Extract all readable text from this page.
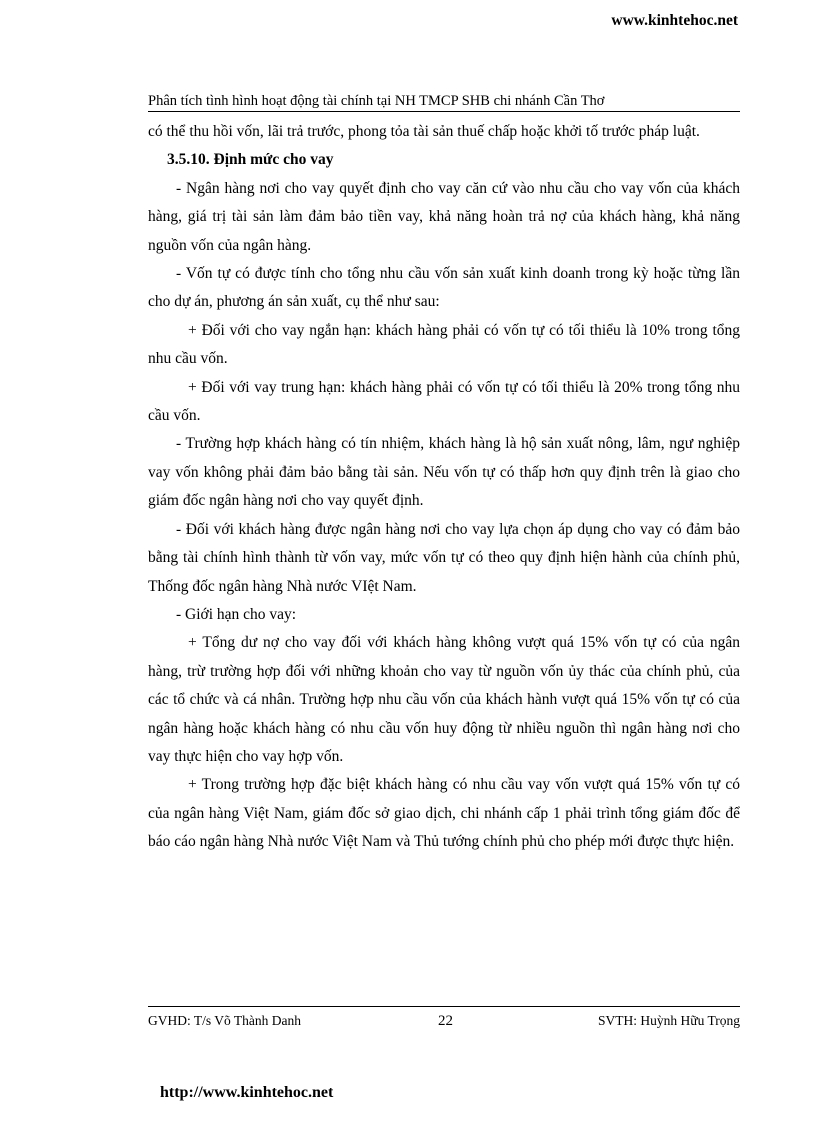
www.kinhtehoc.net
Phân tích tình hình hoạt động tài chính tại NH TMCP SHB chi nhánh Cần Thơ

có thể thu hồi vốn, lãi trả trước, phong tỏa tài sản thuế chấp hoặc khởi tố trước pháp luật.

3.5.10. Định mức cho vay

- Ngân hàng nơi cho vay quyết định cho vay căn cứ vào nhu cầu cho vay vốn của khách hàng, giá trị tài sản làm đảm bảo tiền vay, khả năng hoàn trả nợ của khách hàng, khả năng nguồn vốn của ngân hàng.

- Vốn tự có được tính cho tổng nhu cầu vốn sản xuất kinh doanh trong kỳ hoặc từng lần cho dự án, phương án sản xuất, cụ thể như sau:

+ Đối với cho vay ngắn hạn: khách hàng phải có vốn tự có tối thiểu là 10% trong tổng nhu cầu vốn.

+ Đối với vay trung hạn: khách hàng phải có vốn tự có tối thiểu là 20% trong tổng nhu cầu vốn.

- Trường hợp khách hàng có tín nhiệm, khách hàng là hộ sản xuất nông, lâm, ngư nghiệp vay vốn không phải đảm bảo bằng tài sản. Nếu vốn tự có thấp hơn quy định trên là giao cho giám đốc ngân hàng nơi cho vay quyết định.

- Đối với khách hàng được ngân hàng nơi cho vay lựa chọn áp dụng cho vay có đảm bảo bằng tài chính hình thành từ vốn vay, mức vốn tự có theo quy định hiện hành của chính phủ, Thống đốc ngân hàng Nhà nước VIệt Nam.

- Giới hạn cho vay:

+ Tổng dư nợ cho vay đối với khách hàng không vượt quá 15% vốn tự có của ngân hàng, trừ trường hợp đối với những khoản cho vay từ nguồn vốn ủy thác của chính phủ, của các tổ chức và cá nhân. Trường hợp nhu cầu vốn của khách hành vượt quá 15% vốn tự có của ngân hàng hoặc khách hàng có nhu cầu vốn huy động từ nhiều nguồn thì ngân hàng nơi cho vay thực hiện cho vay hợp vốn.

+ Trong trường hợp đặc biệt khách hàng có nhu cầu vay vốn vượt quá 15% vốn tự có của ngân hàng Việt Nam, giám đốc sở giao dịch, chi nhánh cấp 1 phải trình tổng giám đốc để báo cáo ngân hàng Nhà nước Việt Nam và Thủ tướng chính phủ cho phép mới được thực hiện.

GVHD: T/s Võ Thành Danh	22	SVTH: Huỳnh Hữu Trọng
http://www.kinhtehoc.net
